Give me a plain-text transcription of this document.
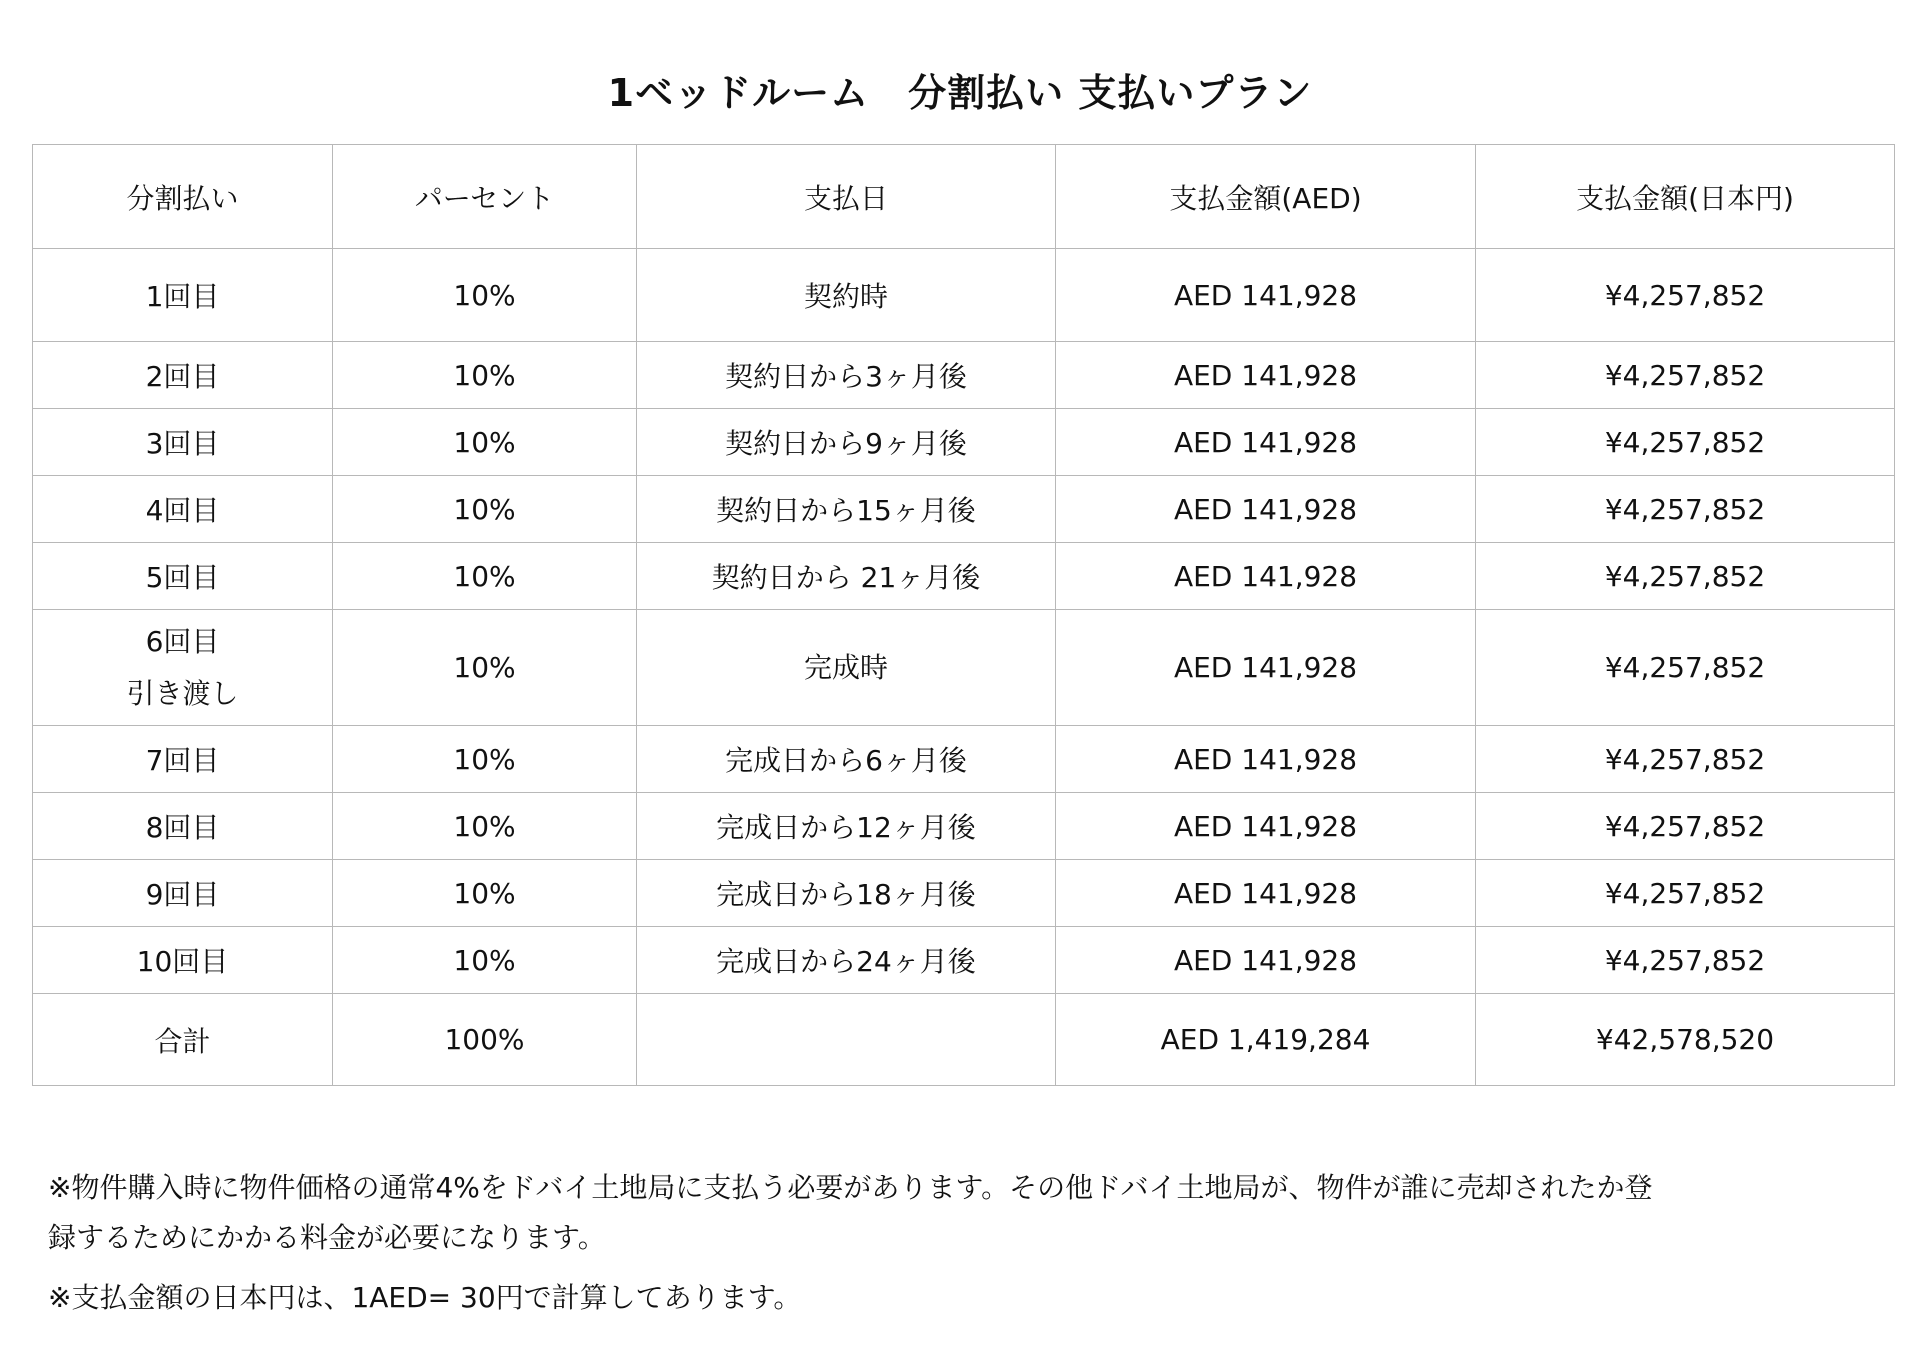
1ベッドルーム　分割払い 支払いプラン
分割払い	パーセント	支払日	支払金額(AED)	支払金額(日本円)
1回目	10%	契約時	AED 141,928	¥4,257,852
2回目	10%	契約日から3ヶ月後	AED 141,928	¥4,257,852
3回目	10%	契約日から9ヶ月後	AED 141,928	¥4,257,852
4回目	10%	契約日から15ヶ月後	AED 141,928	¥4,257,852
5回目	10%	契約日から 21ヶ月後	AED 141,928	¥4,257,852

6回目
引き渡し	10%	完成時	AED 141,928	¥4,257,852
7回目	10%	完成日から6ヶ月後	AED 141,928	¥4,257,852
8回目	10%	完成日から12ヶ月後	AED 141,928	¥4,257,852
9回目	10%	完成日から18ヶ月後	AED 141,928	¥4,257,852
10回目	10%	完成日から24ヶ月後	AED 141,928	¥4,257,852
合計	100%		AED 1,419,284	¥42,578,520
※物件購入時に物件価格の通常4%をドバイ土地局に支払う必要があります。その他ドバイ土地局が、物件が誰に売却されたか登
録するためにかかる料金が必要になります。
※支払金額の日本円は、1AED= 30円で計算してあります。
